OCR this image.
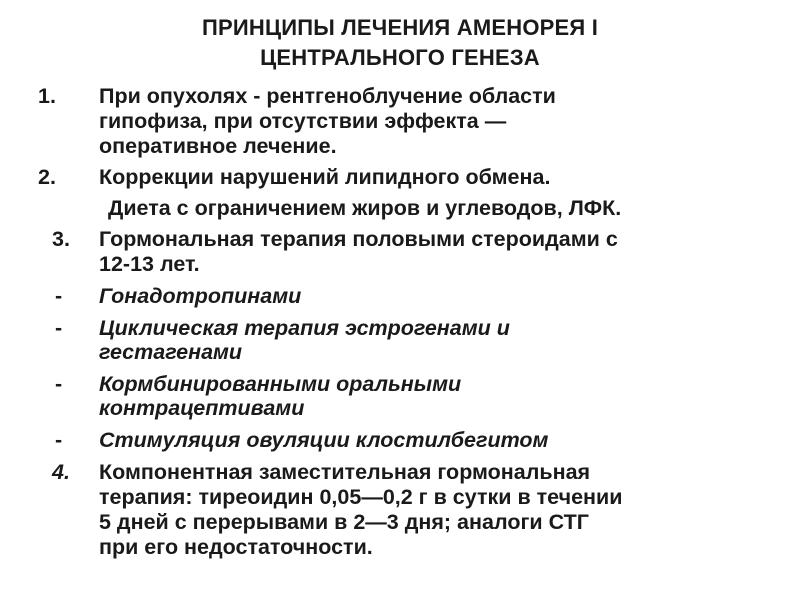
ПРИНЦИПЫ ЛЕЧЕНИЯ АМЕНОРЕЯ I
ЦЕНТРАЛЬНОГО ГЕНЕЗА
1. При опухолях - рентгеноблучение области
гипофиза, при отсутствии эффекта —
оперативное лечение.
2. Коррекции нарушений липидного обмена.
Диета с ограничением жиров и углеводов, ЛФК.
3. Гормональная терапия половыми стероидами с
12-13 лет.
- Гонадотропинами
- Циклическая терапия эстрогенами и
гестагенами
- Кормбинированными оральными
контрацептивами
- Стимуляция овуляции клостилбегитом
4. Компонентная заместительная гормональная
терапия: тиреоидин 0,05—0,2 г в сутки в течении
5 дней с перерывами в 2—3 дня; аналоги СТГ
при его недостаточности.
